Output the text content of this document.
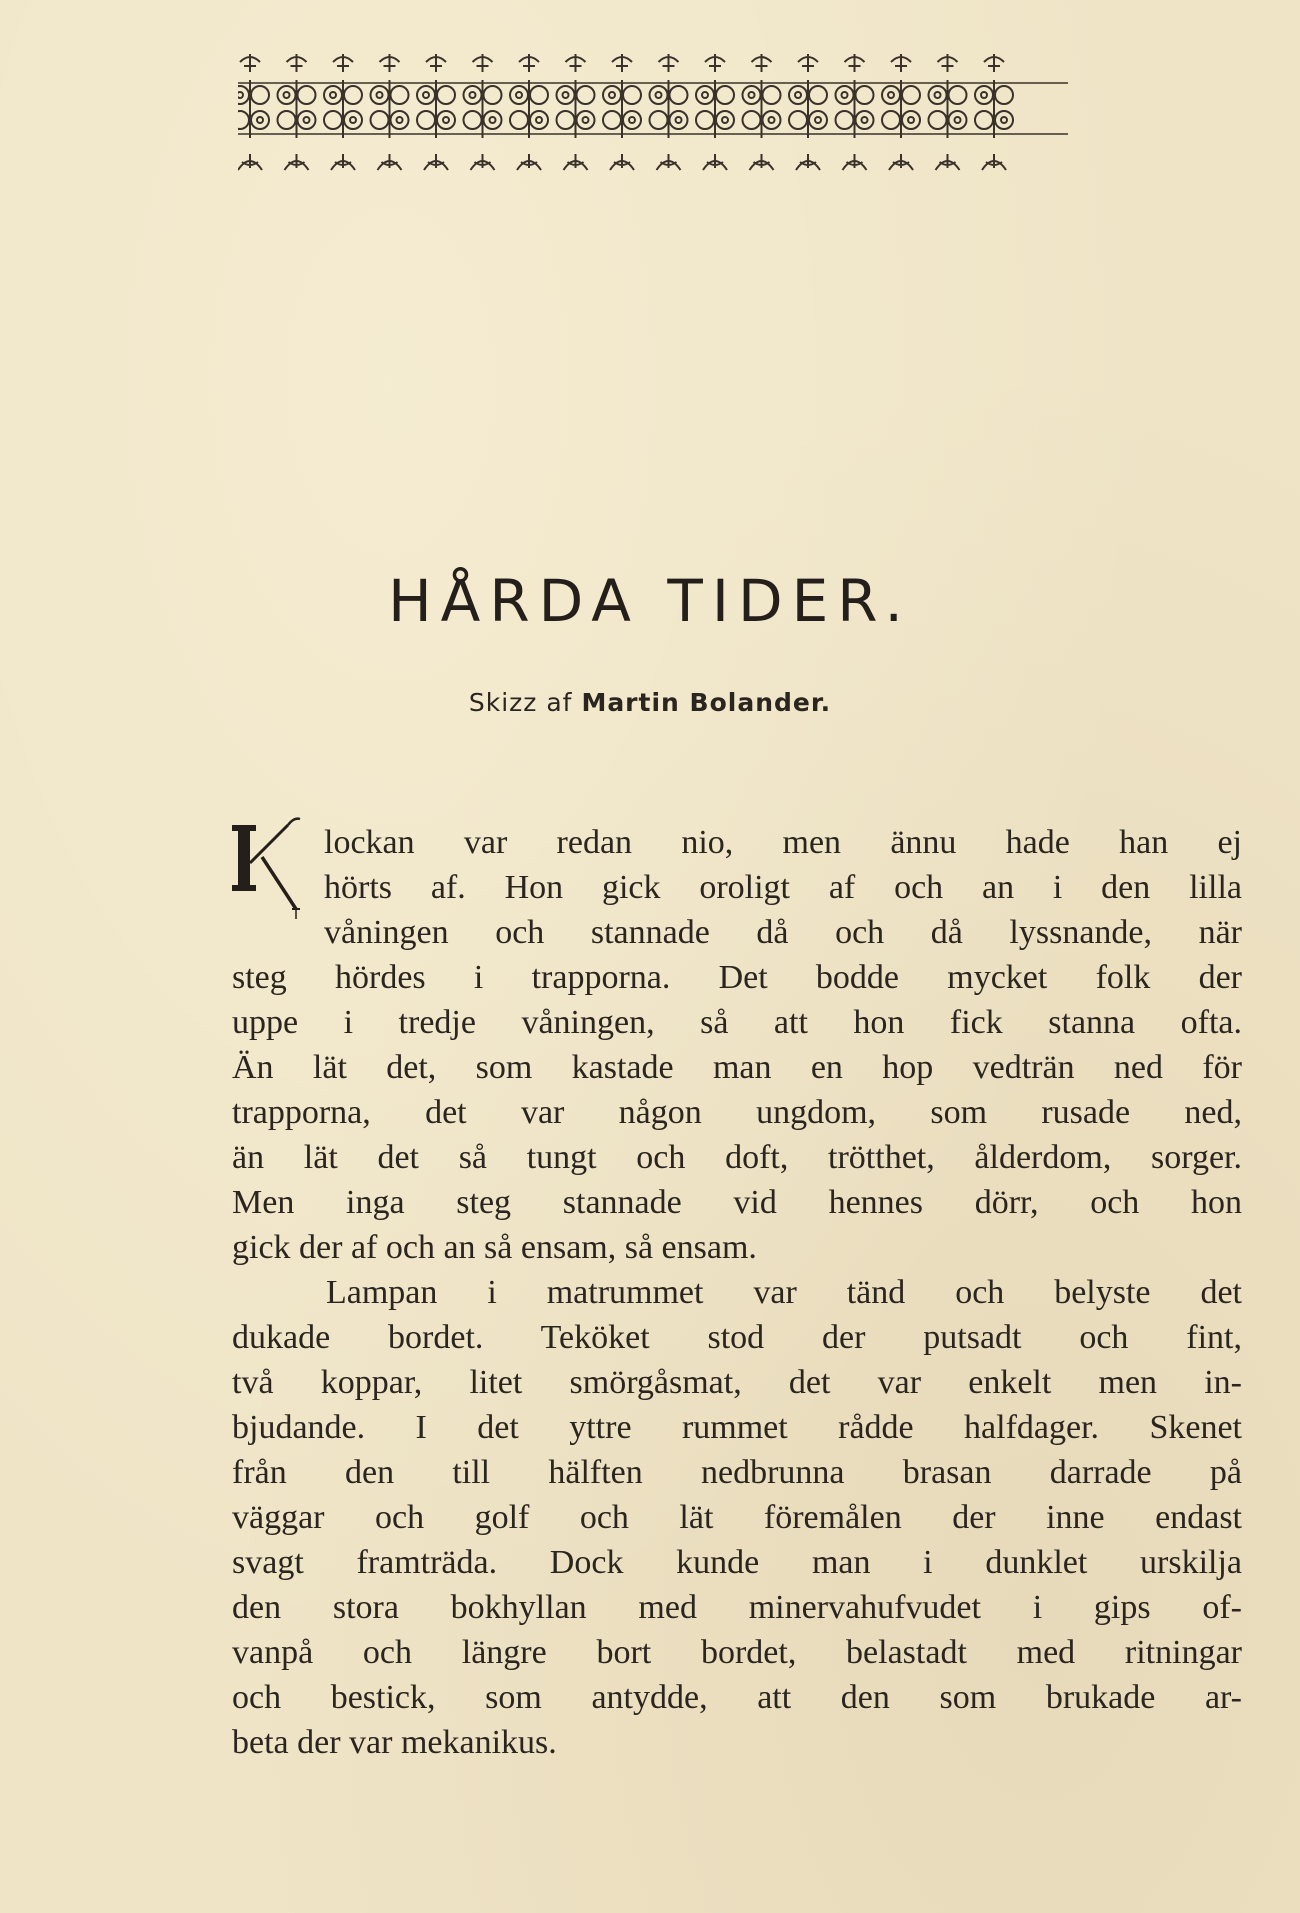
HÅRDA TIDER.
Skizz af Martin Bolander.
lockan var redan nio, men ännu hade han ej
hörts af. Hon gick oroligt af och an i den lilla
våningen och stannade då och då lyssnande, när
steg hördes i trapporna. Det bodde mycket folk der
uppe i tredje våningen, så att hon fick stanna ofta.
Än lät det, som kastade man en hop vedträn ned för
trapporna, det var någon ungdom, som rusade ned,
än lät det så tungt och doft, trötthet, ålderdom, sorger.
Men inga steg stannade vid hennes dörr, och hon
gick der af och an så ensam, så ensam.
Lampan i matrummet var tänd och belyste det
dukade bordet. Teköket stod der putsadt och fint,
två koppar, litet smörgåsmat, det var enkelt men in-
bjudande. I det yttre rummet rådde halfdager. Skenet
från den till hälften nedbrunna brasan darrade på
väggar och golf och lät föremålen der inne endast
svagt framträda. Dock kunde man i dunklet urskilja
den stora bokhyllan med minervahufvudet i gips of-
vanpå och längre bort bordet, belastadt med ritningar
och bestick, som antydde, att den som brukade ar-
beta der var mekanikus.
